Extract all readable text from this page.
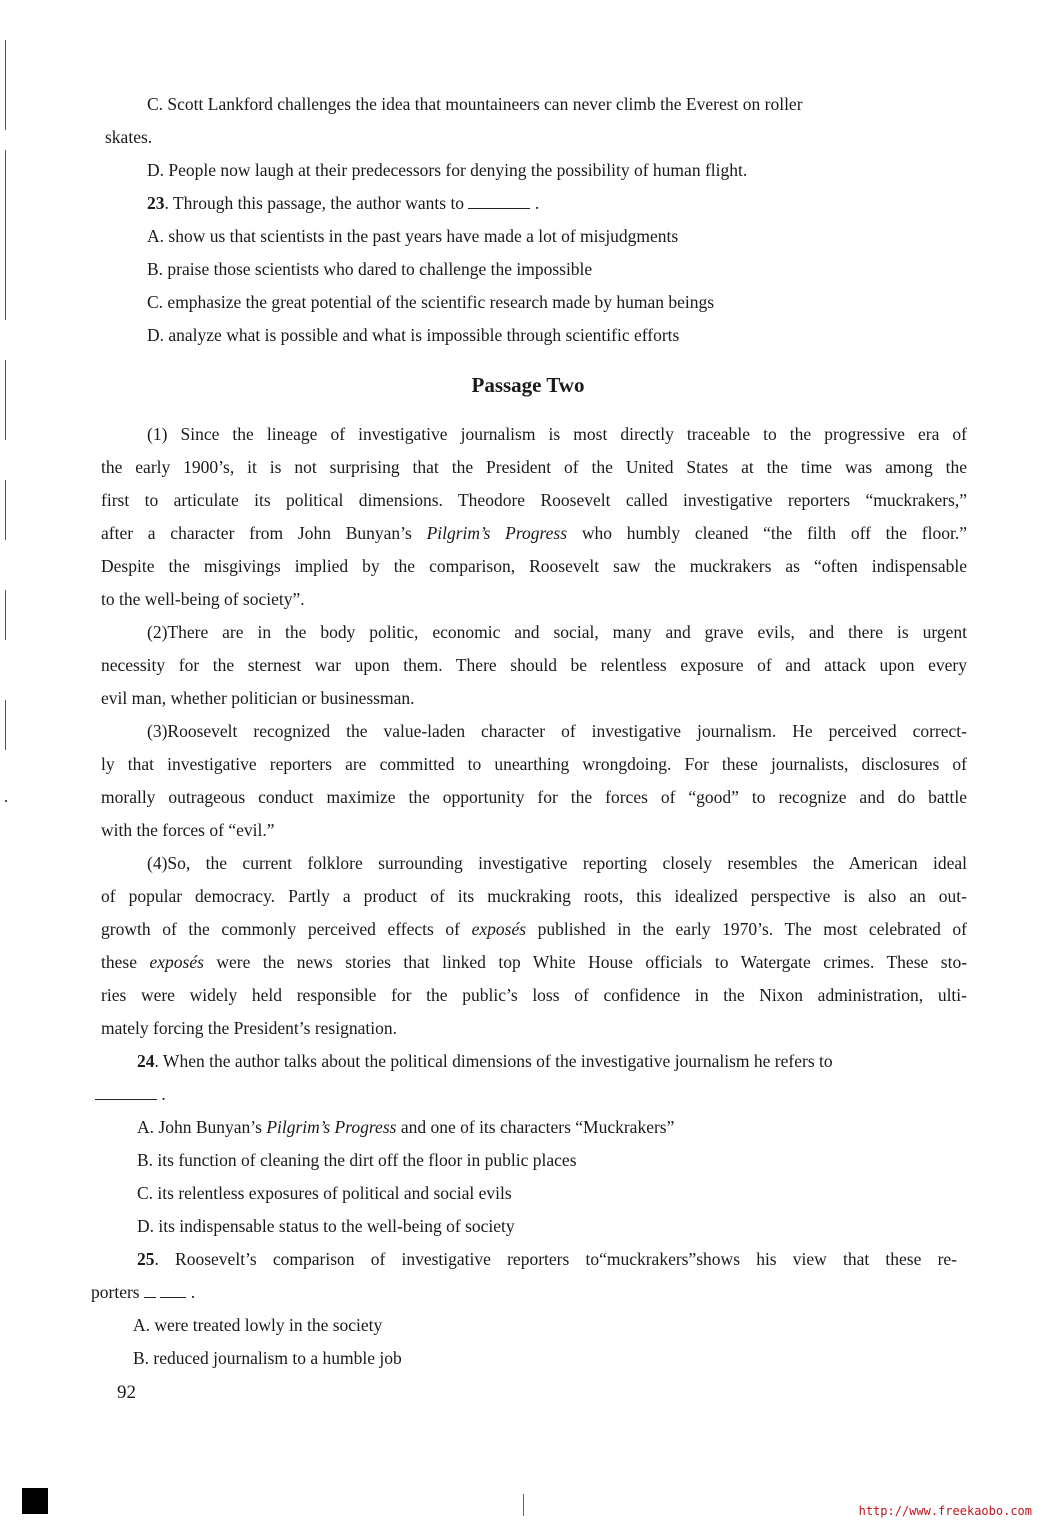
C. Scott Lankford challenges the idea that mountaineers can never climb the Everest on roller
skates.
D. People now laugh at their predecessors for denying the possibility of human flight.
23. Through this passage, the author wants to	.
A. show us that scientists in the past years have made a lot of misjudgments
B. praise those scientists who dared to challenge the impossible
C. emphasize the great potential of the scientific research made by human beings
D. analyze what is possible and what is impossible through scientific efforts
Passage Two
(1) Since the lineage of investigative journalism is most directly traceable to the progressive era of
the early 1900’s, it is not surprising that the President of the United States at the time was among the
first to articulate its political dimensions. Theodore Roosevelt called investigative reporters “muckrakers,”
after a character from John Bunyan’s Pilgrim’s Progress who humbly cleaned “the filth off the floor.”
Despite the misgivings implied by the comparison, Roosevelt saw the muckrakers as “often indispensable
to the well-being of society”.
(2)There are in the body politic, economic and social, many and grave evils, and there is urgent
necessity for the sternest war upon them. There should be relentless exposure of and attack upon every
evil man, whether politician or businessman.
(3)Roosevelt recognized the value-laden character of investigative journalism. He perceived correct-
ly that investigative reporters are committed to unearthing wrongdoing. For these journalists, disclosures of
morally outrageous conduct maximize the opportunity for the forces of “good” to recognize and do battle
with the forces of “evil.”
(4)So, the current folklore surrounding investigative reporting closely resembles the American ideal
of popular democracy. Partly a product of its muckraking roots, this idealized perspective is also an out-
growth of the commonly perceived effects of exposés published in the early 1970’s. The most celebrated of
these exposés were the news stories that linked top White House officials to Watergate crimes. These sto-
ries were widely held responsible for the public’s loss of confidence in the Nixon administration, ulti-
mately forcing the President’s resignation.
24. When the author talks about the political dimensions of the investigative journalism he refers to
.
A. John Bunyan’s Pilgrim’s Progress and one of its characters “Muckrakers”
B. its function of cleaning the dirt off the floor in public places
C. its relentless exposures of political and social evils
D. its indispensable status to the well-being of society
25. Roosevelt’s comparison of investigative reporters to“muckrakers”shows his view that these re-
porters	.
A. were treated lowly in the society
B. reduced journalism to a humble job
92
http://www.freekaobo.com
